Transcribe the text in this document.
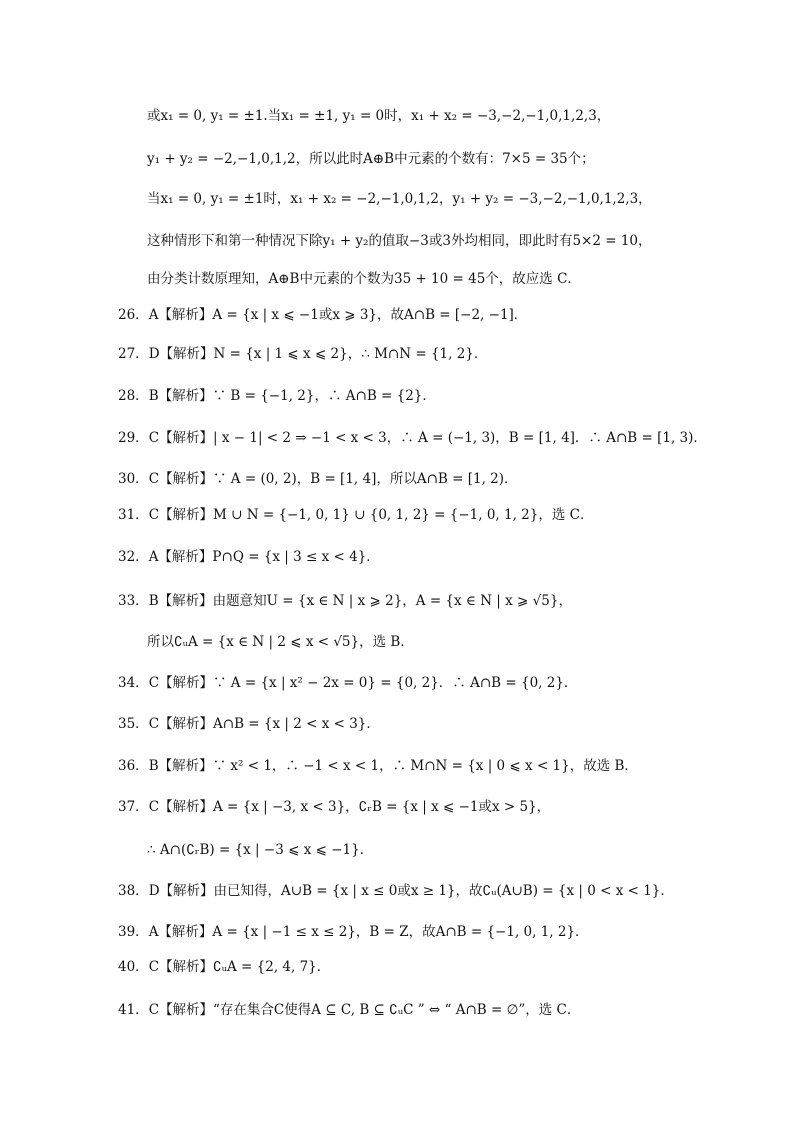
或x₁ = 0, y₁ = ±1.当x₁ = ±1, y₁ = 0时，x₁ + x₂ = −3,−2,−1,0,1,2,3，
y₁ + y₂ = −2,−1,0,1,2，所以此时A⊕B中元素的个数有：7×5 = 35个；
当x₁ = 0, y₁ = ±1时，x₁ + x₂ = −2,−1,0,1,2，y₁ + y₂ = −3,−2,−1,0,1,2,3，
这种情形下和第一种情况下除y₁ + y₂的值取−3或3外均相同，即此时有5×2 = 10，
由分类计数原理知，A⊕B中元素的个数为35 + 10 = 45个，故应选 C．
26．A【解析】A = {x | x ⩽ −1或x ⩾ 3}，故A∩B = [−2, −1]．
27．D【解析】N = {x | 1 ⩽ x ⩽ 2}，∴ M∩N = {1, 2}．
28．B【解析】∵ B = {−1, 2}，∴ A∩B = {2}．
29．C【解析】| x − 1| < 2 ⇒ −1 < x < 3，∴ A = (−1, 3)，B = [1, 4]．∴ A∩B = [1, 3)．
30．C【解析】∵ A = (0, 2)，B = [1, 4]，所以A∩B = [1, 2)．
31．C【解析】M ∪ N = {−1, 0, 1} ∪ {0, 1, 2} = {−1, 0, 1, 2}，选 C．
32．A【解析】P∩Q = {x | 3 ≤ x < 4}．
33．B【解析】由题意知U = {x ∈ N | x ⩾ 2}，A = {x ∈ N | x ⩾ √5}，
所以∁ᵤA = {x ∈ N | 2 ⩽ x < √5}，选 B．
34．C【解析】∵ A = {x | x² − 2x = 0} = {0, 2}．∴ A∩B = {0, 2}．
35．C【解析】A∩B = {x | 2 < x < 3}．
36．B【解析】∵ x² < 1，∴ −1 < x < 1，∴ M∩N = {x | 0 ⩽ x < 1}，故选 B．
37．C【解析】A = {x | −3, x < 3}，∁ᵣB = {x | x ⩽ −1或x > 5}，
∴ A∩(∁ᵣB) = {x | −3 ⩽ x ⩽ −1}．
38．D【解析】由已知得，A∪B = {x | x ≤ 0或x ≥ 1}，故∁ᵤ(A∪B) = {x | 0 < x < 1}．
39．A【解析】A = {x | −1 ≤ x ≤ 2}，B = Z，故A∩B = {−1, 0, 1, 2}．
40．C【解析】∁ᵤA = {2, 4, 7}．
41．C【解析】“存在集合C使得A ⊆ C, B ⊆ ∁ᵤC ” ⇔ “ A∩B = ∅”，选 C．
